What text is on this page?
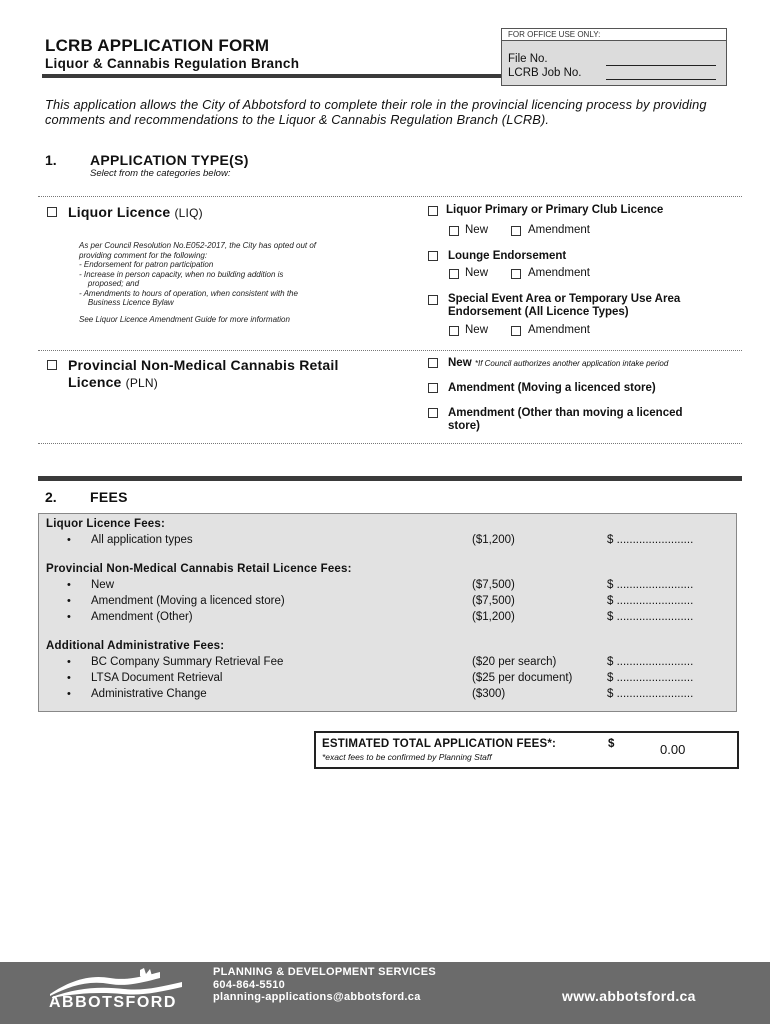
LCRB APPLICATION FORM
Liquor & Cannabis Regulation Branch
FOR OFFICE USE ONLY:
File No.
LCRB Job No.
This application allows the City of Abbotsford to complete their role in the provincial licencing process by providing comments and recommendations to the Liquor & Cannabis Regulation Branch (LCRB).
1. APPLICATION TYPE(S)
Select from the categories below:
Liquor Licence (LIQ)
As per Council Resolution No.E052-2017, the City has opted out of
providing comment for the following:
- Endorsement for patron participation
- Increase in person capacity, when no building addition is
proposed; and
- Amendments to hours of operation, when consistent with the
Business Licence Bylaw
See Liquor Licence Amendment Guide for more information
Liquor Primary or Primary Club Licence
New	Amendment
Lounge Endorsement
New	Amendment
Special Event Area or Temporary Use Area
Endorsement (All Licence Types)
New	Amendment
Provincial Non-Medical Cannabis Retail
Licence (PLN)
New *If Council authorizes another application intake period
Amendment (Moving a licenced store)
Amendment (Other than moving a licenced
store)
2. FEES
Liquor Licence Fees:
• All application types	($1,200)	$ ........................
Provincial Non-Medical Cannabis Retail Licence Fees:
• New	($7,500)	$ ........................
• Amendment (Moving a licenced store)	($7,500)	$ ........................
• Amendment (Other)	($1,200)	$ ........................
Additional Administrative Fees:
• BC Company Summary Retrieval Fee	($20 per search)	$ ........................
• LTSA Document Retrieval	($25 per document)	$ ........................
• Administrative Change	($300)	$ ........................
ESTIMATED TOTAL APPLICATION FEES*:	$	0.00
*exact fees to be confirmed by Planning Staff
ABBOTSFORD
PLANNING & DEVELOPMENT SERVICES
604-864-5510
planning-applications@abbotsford.ca	www.abbotsford.ca
